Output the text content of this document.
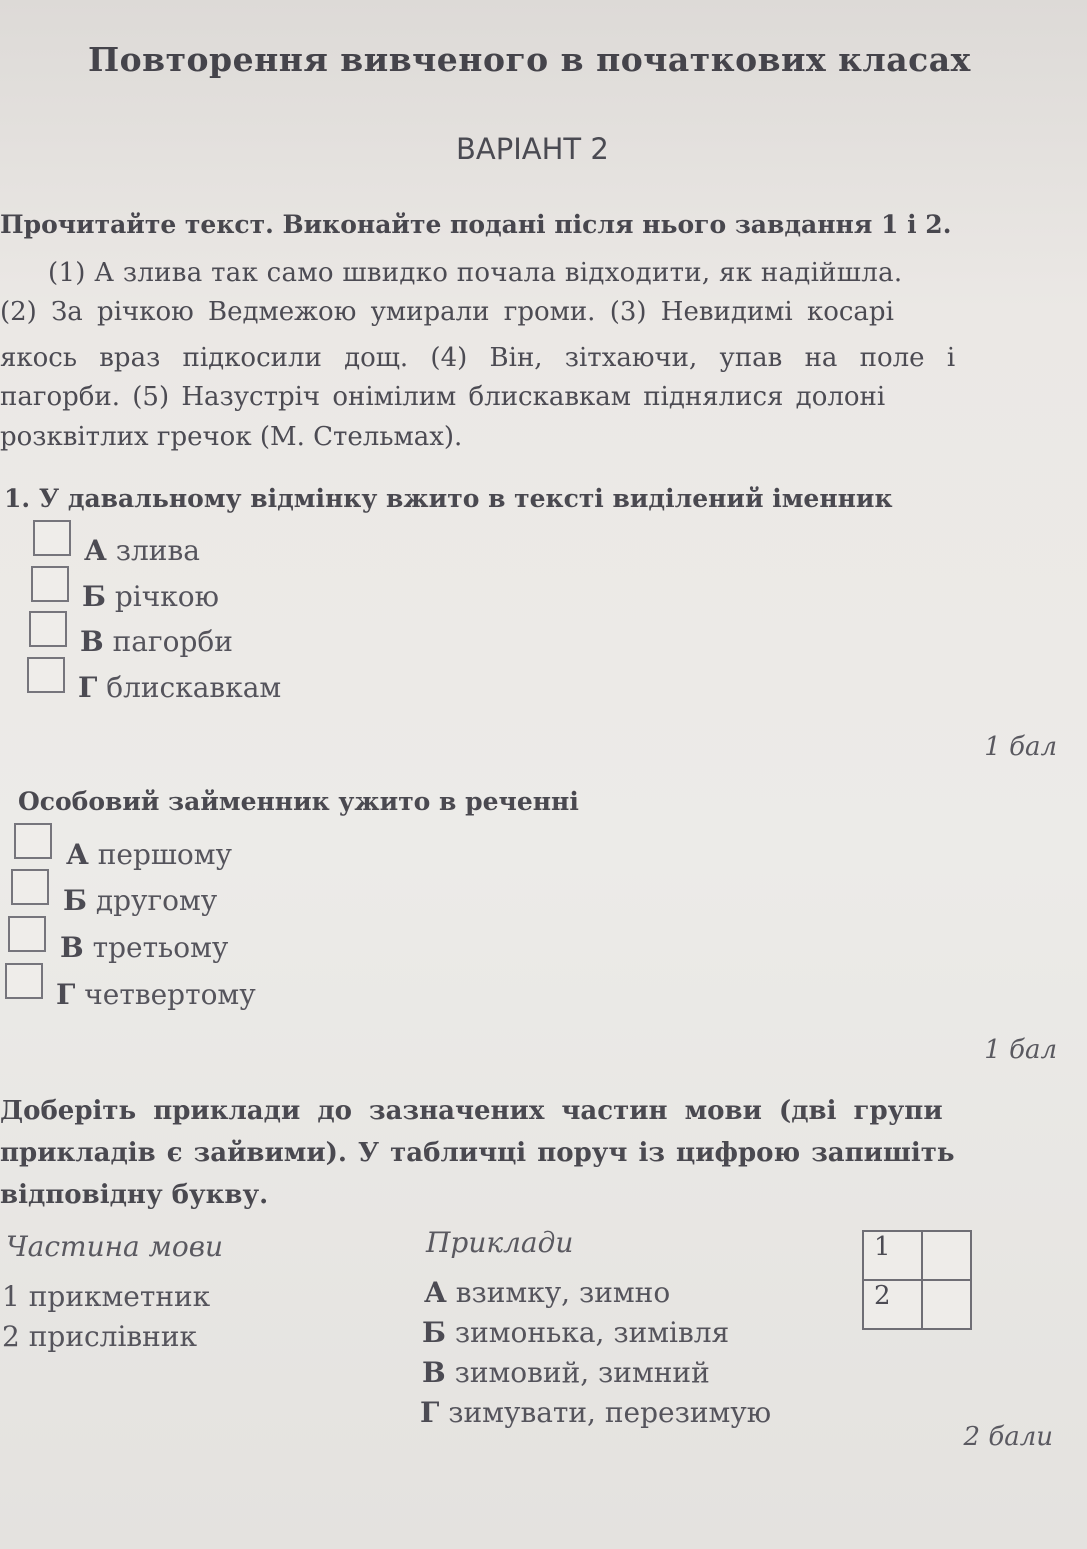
Повторення вивченого в початкових класах
ВАРІАНТ 2
Прочитайте текст. Виконайте подані після нього завдання 1 і 2.
(1) А злива так само швидко почала відходити, як надійшла.
(2) За річкою Ведмежою умирали громи. (3) Невидимі косарі
якось враз підкосили дощ. (4) Він, зітхаючи, упав на поле і
пагорби. (5) Назустріч онімілим блискавкам піднялися долоні
розквітлих гречок (М. Стельмах).
1. У давальному відмінку вжито в тексті виділений іменник
А злива
Б річкою
В пагорби
Г блискавкам
1 бал
Особовий займенник ужито в реченні
А першому
Б другому
В третьому
Г четвертому
1 бал
Доберіть приклади до зазначених частин мови (дві групи
прикладів є зайвими). У табличці поруч із цифрою запишіть
відповідну букву.
Частина мови	Приклади
1 прикметник
2 прислівник
А взимку, зимно
Б зимонька, зимівля
В зимовий, зимний
Г зимувати, перезимую
1	
2	
2 бали
